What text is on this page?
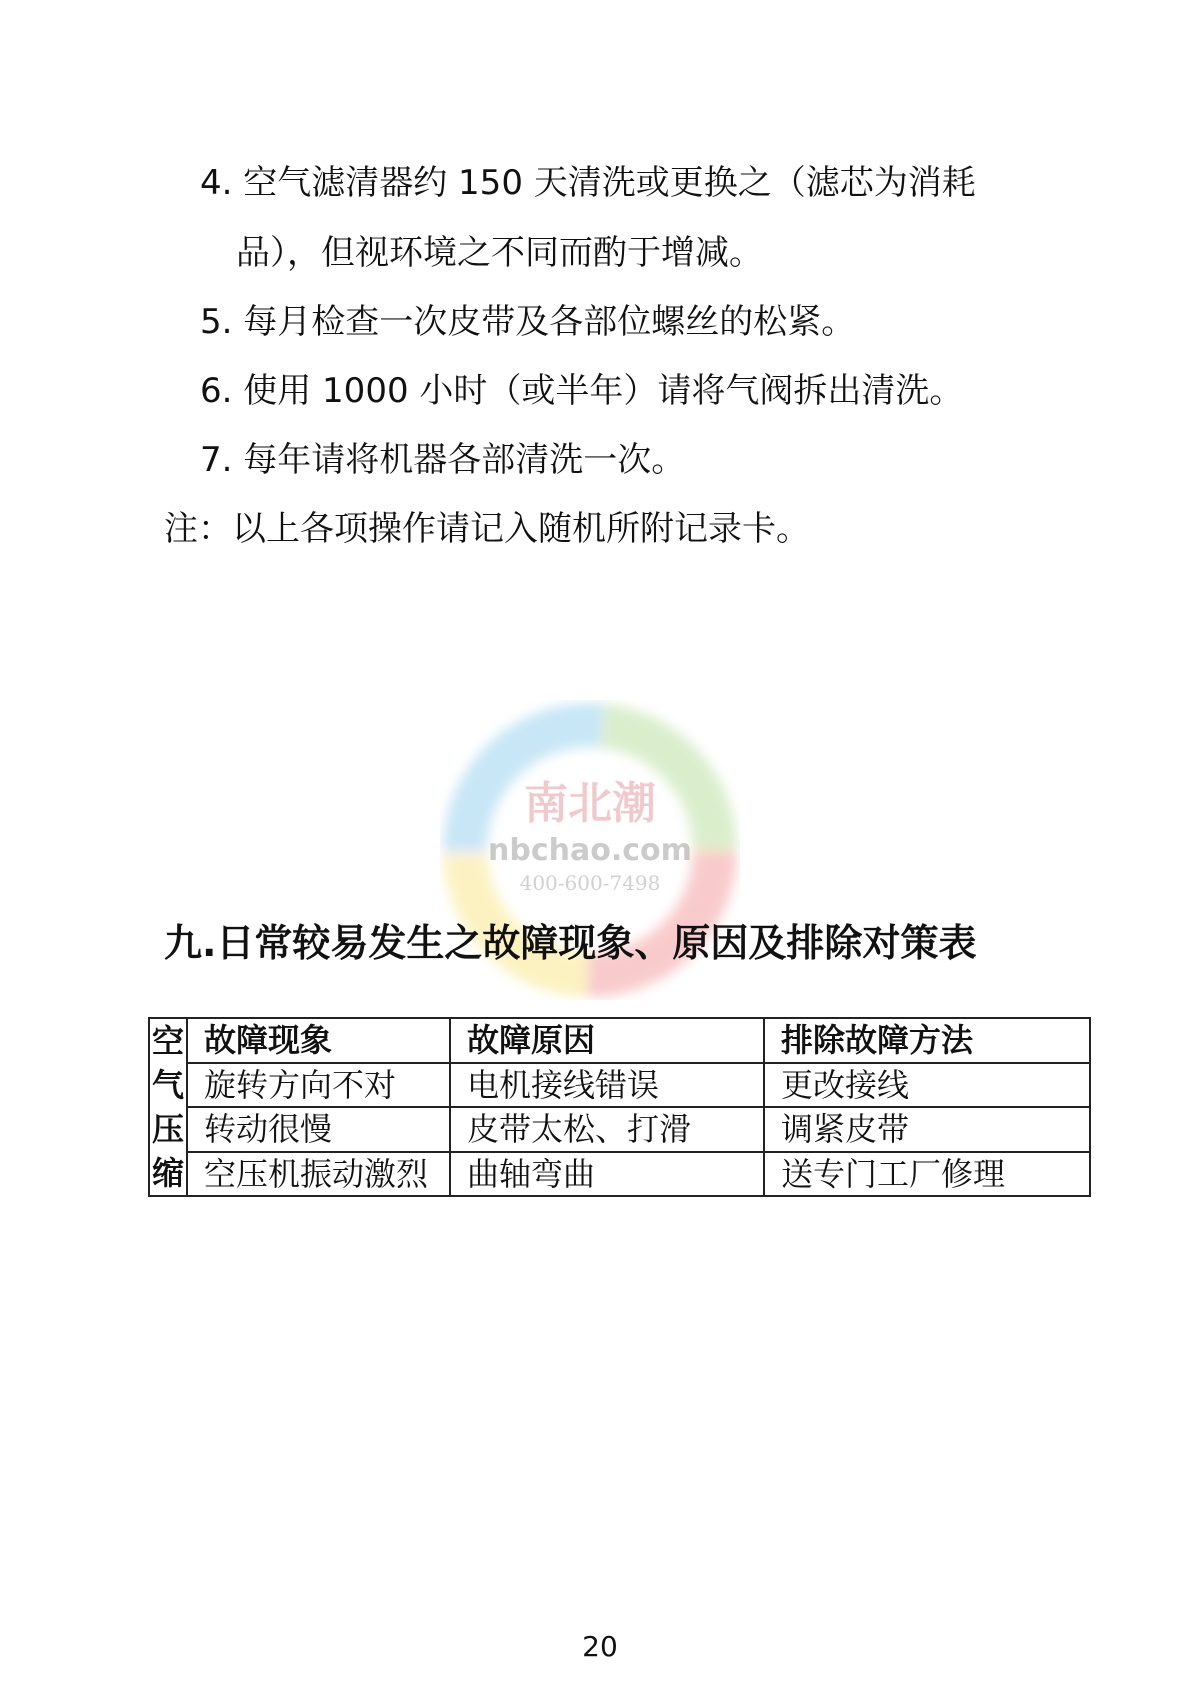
4. 空气滤清器约 150 天清洗或更换之（滤芯为消耗
品），但视环境之不同而酌于增减。
5. 每月检查一次皮带及各部位螺丝的松紧。
6. 使用 1000 小时（或半年）请将气阀拆出清洗。
7. 每年请将机器各部清洗一次。
注：以上各项操作请记入随机所附记录卡。
南北潮
nbchao.com
400-600-7498
九.日常较易发生之故障现象、原因及排除对策表
空气压缩	故障现象	故障原因	排除故障方法
	旋转方向不对	电机接线错误	更改接线
	转动很慢	皮带太松、打滑	调紧皮带
	空压机振动激烈	曲轴弯曲	送专门工厂修理
20
